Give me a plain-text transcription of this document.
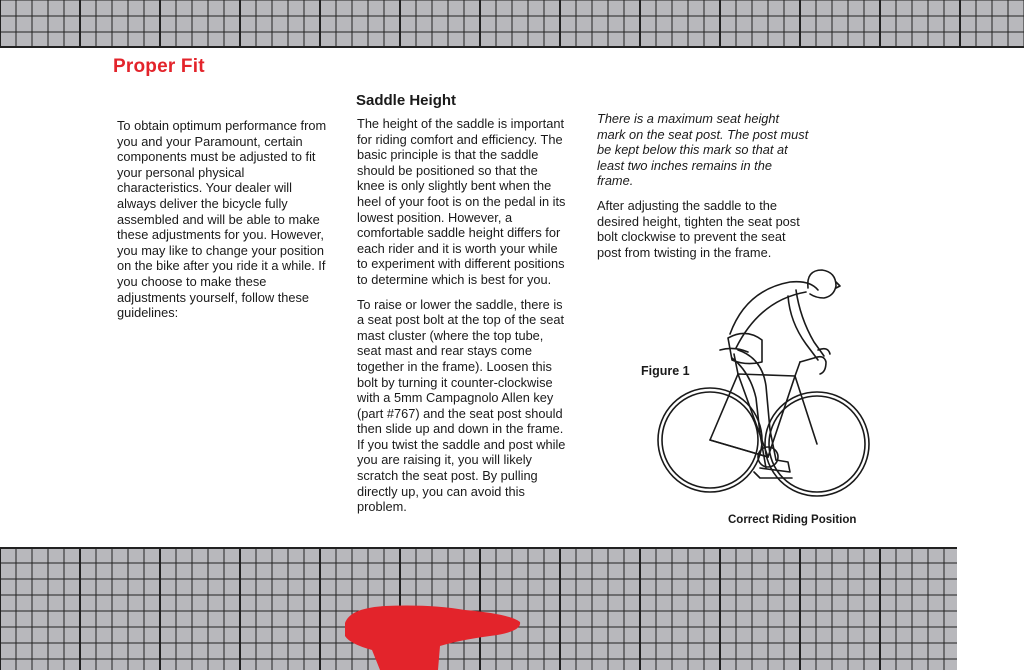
Proper Fit

To obtain optimum performance from you and your Paramount, certain components must be adjusted to fit your personal physical characteristics. Your dealer will always deliver the bicycle fully assembled and will be able to make these adjustments for you. However, you may like to change your position on the bike after you ride it a while. If you choose to make these adjustments yourself, follow these guidelines:

Saddle Height

The height of the saddle is important for riding comfort and efficiency. The basic principle is that the saddle should be positioned so that the knee is only slightly bent when the heel of your foot is on the pedal in its lowest position. However, a comfortable saddle height differs for each rider and it is worth your while to experiment with different positions to determine which is best for you.

To raise or lower the saddle, there is a seat post bolt at the top of the seat mast cluster (where the top tube, seat mast and rear stays come together in the frame). Loosen this bolt by turning it counter-clockwise with a 5mm Campagnolo Allen key (part #767) and the seat post should then slide up and down in the frame. If you twist the saddle and post while you are raising it, you will likely scratch the seat post. By pulling directly up, you can avoid this problem.

There is a maximum seat height mark on the seat post. The post must be kept below this mark so that at least two inches remains in the frame.

After adjusting the saddle to the desired height, tighten the seat post bolt clockwise to prevent the seat post from twisting in the frame.

Figure 1
Correct Riding Position
